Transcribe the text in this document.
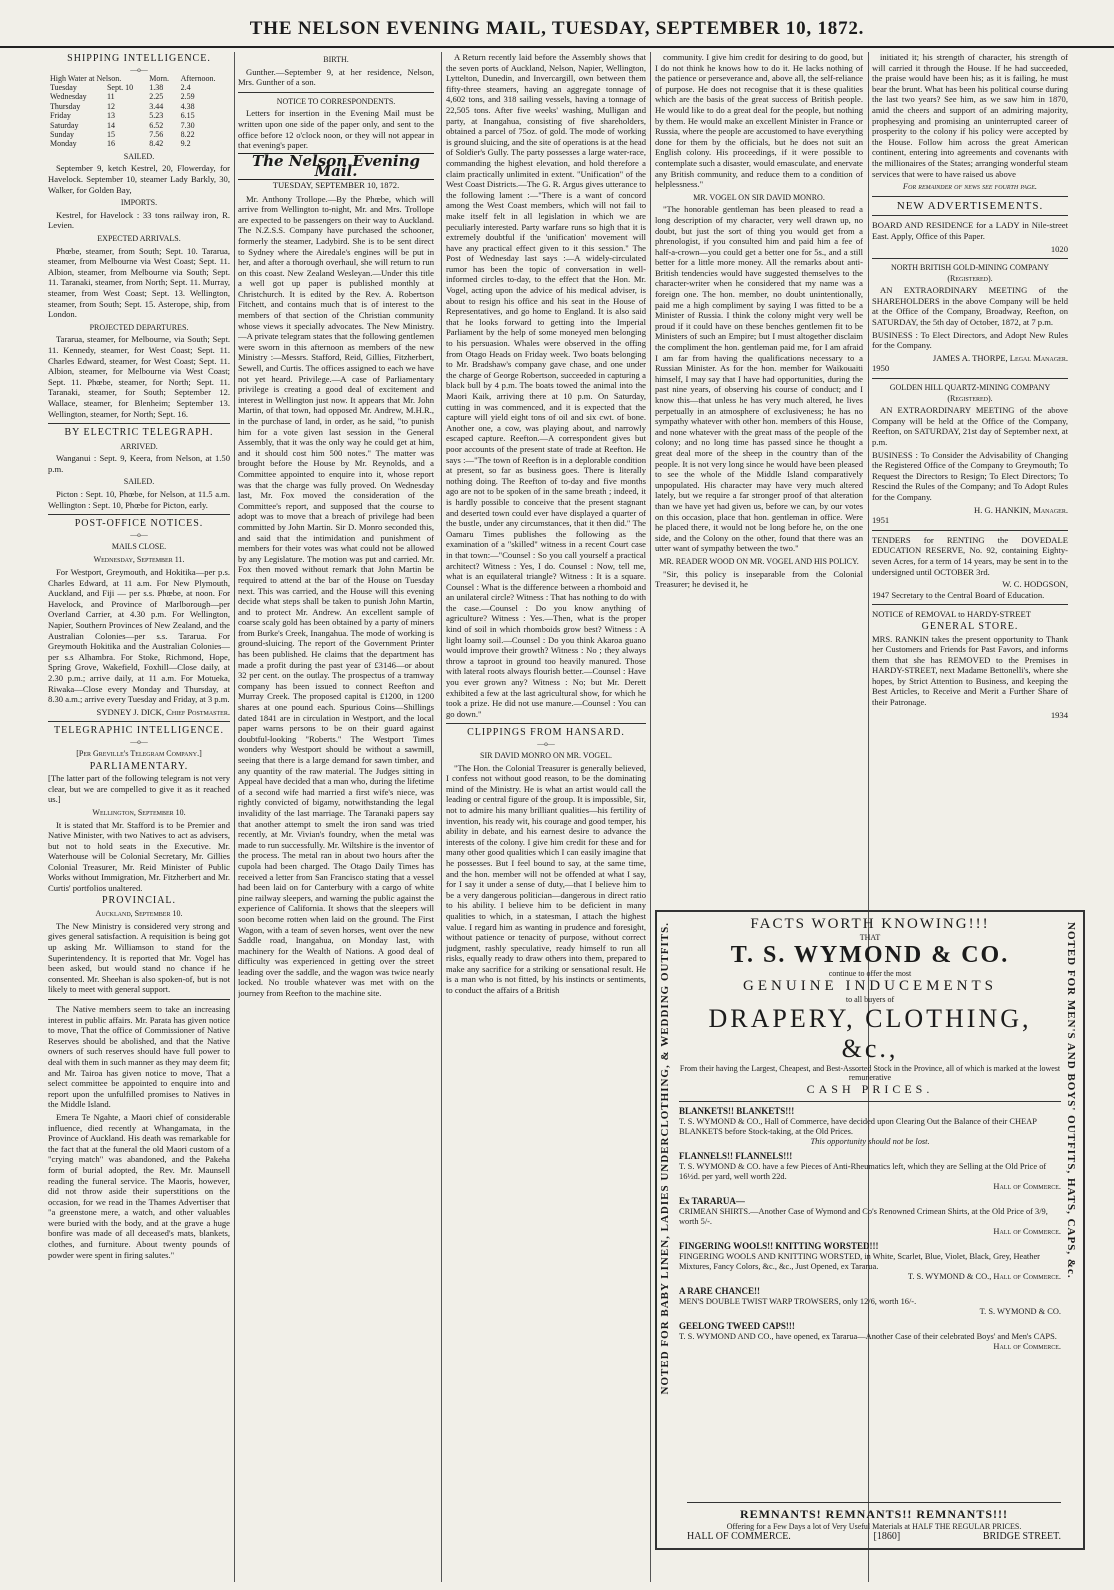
THE NELSON EVENING MAIL, TUESDAY, SEPTEMBER 10, 1872.
SHIPPING INTELLIGENCE.
—o—
High Water at Nelson.		Morn.	Afternoon.
Tuesday	Sept. 10	1.38	2.4
Wednesday	11	2.25	2.59
Thursday	12	3.44	4.38
Friday	13	5.23	6.15
Saturday	14	6.52	7.30
Sunday	15	7.56	8.22
Monday	16	8.42	9.2
SAILED.

September 9, ketch Kestrel, 20, Flowerday, for Havelock. September 10, steamer Lady Barkly, 30, Walker, for Golden Bay,

IMPORTS.

Kestrel, for Havelock : 33 tons railway iron, R. Levien.

EXPECTED ARRIVALS.

Phœbe, steamer, from South; Sept. 10. Tararua, steamer, from Melbourne via West Coast; Sept. 11. Albion, steamer, from Melbourne via South; Sept. 11. Taranaki, steamer, from North; Sept. 11. Murray, steamer, from West Coast; Sept. 13. Wellington, steamer, from South; Sept. 15. Asterope, ship, from London.

PROJECTED DEPARTURES.

Tararua, steamer, for Melbourne, via South; Sept. 11. Kennedy, steamer, for West Coast; Sept. 11. Charles Edward, steamer, for West Coast; Sept. 11. Albion, steamer, for Melbourne via West Coast; Sept. 11. Phœbe, steamer, for North; Sept. 11. Taranaki, steamer, for South; September 12. Wallace, steamer, for Blenheim; September 13. Wellington, steamer, for North; Sept. 16.

BY ELECTRIC TELEGRAPH.
ARRIVED.

Wanganui : Sept. 9, Keera, from Nelson, at 1.50 p.m.

SAILED.

Picton : Sept. 10, Phœbe, for Nelson, at 11.5 a.m. Wellington : Sept. 10, Phœbe for Picton, early.

POST-OFFICE NOTICES.
—o—
MAILS CLOSE.
Wednesday, September 11.

For Westport, Greymouth, and Hokitika—per p.s. Charles Edward, at 11 a.m. For New Plymouth, Auckland, and Fiji — per s.s. Phœbe, at noon. For Havelock, and Province of Marlborough—per Overland Carrier, at 4.30 p.m. For Wellington, Napier, Southern Provinces of New Zealand, and the Australian Colonies—per s.s. Tararua. For Greymouth Hokitika and the Australian Colonies—per s.s Alhambra. For Stoke, Richmond, Hope, Spring Grove, Wakefield, Foxhill—Close daily, at 2.30 p.m.; arrive daily, at 11 a.m. For Motueka, Riwaka—Close every Monday and Thursday, at 8.30 a.m.; arrive every Tuesday and Friday, at 3 p.m.

SYDNEY J. DICK, Chief Postmaster.
TELEGRAPHIC INTELLIGENCE.
—o—
[Per Greville's Telegram Company.]
PARLIAMENTARY.

[The latter part of the following telegram is not very clear, but we are compelled to give it as it reached us.]

Wellington, September 10.

It is stated that Mr. Stafford is to be Premier and Native Minister, with two Natives to act as advisers, but not to hold seats in the Executive. Mr. Waterhouse will be Colonial Secretary, Mr. Gillies Colonial Treasurer, Mr. Reid Minister of Public Works without Immigration, Mr. Fitzherbert and Mr. Curtis' portfolios unaltered.

PROVINCIAL.
Auckland, September 10.

The New Ministry is considered very strong and gives general satisfaction. A requisition is being got up asking Mr. Williamson to stand for the Superintendency. It is reported that Mr. Vogel has been asked, but would stand no chance if he consented. Mr. Sheehan is also spoken-of, but is not likely to meet with general support.

The Native members seem to take an increasing interest in public affairs. Mr. Parata has given notice to move, That the office of Commissioner of Native Reserves should be abolished, and that the Native owners of such reserves should have full power to deal with them in such manner as they may deem fit; and Mr. Tairoa has given notice to move, That a select committee be appointed to enquire into and report upon the unfulfilled promises to Natives in the Middle Island.

Emera Te Ngahte, a Maori chief of considerable influence, died recently at Whangamata, in the Province of Auckland. His death was remarkable for the fact that at the funeral the old Maori custom of a "crying match" was abandoned, and the Pakeha form of burial adopted, the Rev. Mr. Maunsell reading the funeral service. The Maoris, however, did not throw aside their superstitions on the occasion, for we read in the Thames Advertiser that "a greenstone mere, a watch, and other valuables were buried with the body, and at the grave a huge bonfire was made of all deceased's mats, blankets, clothes, and furniture. About twenty pounds of powder were spent in firing salutes."

BIRTH.

Gunther.—September 9, at her residence, Nelson, Mrs. Gunther of a son.

NOTICE TO CORRESPONDENTS.

Letters for insertion in the Evening Mail must be written upon one side of the paper only, and sent to the office before 12 o'clock noon, or they will not appear in that evening's paper.

The Nelson Evening Mail.
TUESDAY, SEPTEMBER 10, 1872.

Mr. Anthony Trollope.—By the Phœbe, which will arrive from Wellington to-night, Mr. and Mrs. Trollope are expected to be passengers on their way to Auckland. The N.Z.S.S. Company have purchased the schooner, formerly the steamer, Ladybird. She is to be sent direct to Sydney where the Airedale's engines will be put in her, and after a thorough overhaul, she will return to run on this coast. New Zealand Wesleyan.—Under this title a well got up paper is published monthly at Christchurch. It is edited by the Rev. A. Robertson Fitchett, and contains much that is of interest to the members of that section of the Christian community whose views it specially advocates. The New Ministry.—A private telegram states that the following gentlemen were sworn in this afternoon as members of the new Ministry :—Messrs. Stafford, Reid, Gillies, Fitzherbert, Sewell, and Curtis. The offices assigned to each we have not yet heard. Privilege.—A case of Parliamentary privilege is creating a good deal of excitement and interest in Wellington just now. It appears that Mr. John Martin, of that town, had opposed Mr. Andrew, M.H.R., in the purchase of land, in order, as he said, "to punish him for a vote given last session in the General Assembly, that it was the only way he could get at him, and it should cost him 500 notes." The matter was brought before the House by Mr. Reynolds, and a Committee appointed to enquire into it, whose report was that the charge was fully proved. On Wednesday last, Mr. Fox moved the consideration of the Committee's report, and supposed that the course to adopt was to move that a breach of privilege had been committed by John Martin. Sir D. Monro seconded this, and said that the intimidation and punishment of members for their votes was what could not be allowed by any Legislature. The motion was put and carried. Mr. Fox then moved without remark that John Martin be required to attend at the bar of the House on Tuesday next. This was carried, and the House will this evening decide what steps shall be taken to punish John Martin, and to protect Mr. Andrew. An excellent sample of coarse scaly gold has been obtained by a party of miners from Burke's Creek, Inangahua. The mode of working is ground-sluicing. The report of the Government Printer has been published. He claims that the department has made a profit during the past year of £3146—or about 32 per cent. on the outlay. The prospectus of a tramway company has been issued to connect Reefton and Murray Creek. The proposed capital is £1200, in 1200 shares at one pound each. Spurious Coins—Shillings dated 1841 are in circulation in Westport, and the local paper warns persons to be on their guard against doubtful-looking "Roberts." The Westport Times wonders why Westport should be without a sawmill, seeing that there is a large demand for sawn timber, and any quantity of the raw material. The Judges sitting in Appeal have decided that a man who, during the lifetime of a second wife had married a first wife's niece, was rightly convicted of bigamy, notwithstanding the legal invalidity of the last marriage. The Taranaki papers say that another attempt to smelt the iron sand was tried recently, at Mr. Vivian's foundry, when the metal was made to run successfully. Mr. Wiltshire is the inventor of the process. The metal ran in about two hours after the cupola had been charged. The Otago Daily Times has received a letter from San Francisco stating that a vessel had been laid on for Canterbury with a cargo of white pine railway sleepers, and warning the public against the experience of California. It shows that the sleepers will soon become rotten when laid on the ground. The First Wagon, with a team of seven horses, went over the new Saddle road, Inangahua, on Monday last, with machinery for the Wealth of Nations. A good deal of difficulty was experienced in getting over the street leading over the saddle, and the wagon was twice nearly locked. No trouble whatever was met with on the journey from Reefton to the machine site.

A Return recently laid before the Assembly shows that the seven ports of Auckland, Nelson, Napier, Wellington, Lyttelton, Dunedin, and Invercargill, own between them fifty-three steamers, having an aggregate tonnage of 4,602 tons, and 318 sailing vessels, having a tonnage of 22,505 tons. After five weeks' washing, Mulligan and party, at Inangahua, consisting of five shareholders, obtained a parcel of 75oz. of gold. The mode of working is ground sluicing, and the site of operations is at the head of Soldier's Gully. The party possesses a large water-race, commanding the highest elevation, and hold therefore a claim practically unlimited in extent. "Unification" of the West Coast Districts.—The G. R. Argus gives utterance to the following lament :—"There is a want of concord among the West Coast members, which will not fail to make itself felt in all legislation in which we are peculiarly interested. Party warfare runs so high that it is extremely doubtful if the 'unification' movement will have any practical effect given to it this session." The Post of Wednesday last says :—A widely-circulated rumor has been the topic of conversation in well-informed circles to-day, to the effect that the Hon. Mr. Vogel, acting upon the advice of his medical adviser, is about to resign his office and his seat in the House of Representatives, and go home to England. It is also said that he looks forward to getting into the Imperial Parliament by the help of some moneyed men belonging to his persuasion. Whales were observed in the offing from Otago Heads on Friday week. Two boats belonging to Mr. Bradshaw's company gave chase, and one under the charge of George Robertson, succeeded in capturing a black bull by 4 p.m. The boats towed the animal into the Maori Kaik, arriving there at 10 p.m. On Saturday, cutting in was commenced, and it is expected that the capture will yield eight tons of oil and six cwt. of bone. Another one, a cow, was playing about, and narrowly escaped capture. Reefton.—A correspondent gives but poor accounts of the present state of trade at Reefton. He says :—"The town of Reefton is in a deplorable condition at present, so far as business goes. There is literally nothing doing. The Reefton of to-day and five months ago are not to be spoken of in the same breath ; indeed, it is hardly possible to conceive that the present stagnant and deserted town could ever have displayed a quarter of the bustle, under any circumstances, that it then did." The Oamaru Times publishes the following as the examination of a "skilled" witness in a recent Court case in that town:—"Counsel : So you call yourself a practical architect? Witness : Yes, I do. Counsel : Now, tell me, what is an equilateral triangle? Witness : It is a square. Counsel : What is the difference between a rhomboid and an unilateral circle? Witness : That has nothing to do with the case.—Counsel : Do you know anything of agriculture? Witness : Yes.—Then, what is the proper kind of soil in which rhomboids grow best? Witness : A light loamy soil.—Counsel : Do you think Akaroa guano would improve their growth? Witness : No ; they always throw a taproot in ground too heavily manured. Those with lateral roots always flourish better.—Counsel : Have you ever grown any? Witness : No; but Mr. Derett exhibited a few at the last agricultural show, for which he took a prize. He did not use manure.—Counsel : You can go down."

CLIPPINGS FROM HANSARD.
—o—
SIR DAVID MONRO ON MR. VOGEL.

"The Hon. the Colonial Treasurer is generally believed, I confess not without good reason, to be the dominating mind of the Ministry. He is what an artist would call the leading or central figure of the group. It is impossible, Sir, not to admire his many brilliant qualities—his fertility of invention, his ready wit, his courage and good temper, his ability in debate, and his earnest desire to advance the interests of the colony. I give him credit for these and for many other good qualities which I can easily imagine that he possesses. But I feel bound to say, at the same time, and the hon. member will not be offended at what I say, for I say it under a sense of duty,—that I believe him to be a very dangerous politician—dangerous in direct ratio to his ability. I believe him to be deficient in many qualities to which, in a statesman, I attach the highest value. I regard him as wanting in prudence and foresight, without patience or tenacity of purpose, without correct judgment, rashly speculative, ready himself to run all risks, equally ready to draw others into them, prepared to make any sacrifice for a striking or sensational result. He is a man who is not fitted, by his instincts or sentiments, to conduct the affairs of a British

community. I give him credit for desiring to do good, but I do not think he knows how to do it. He lacks nothing of the patience or perseverance and, above all, the self-reliance of purpose. He does not recognise that it is these qualities which are the basis of the great success of British people. He would like to do a great deal for the people, but nothing by them. He would make an excellent Minister in France or Russia, where the people are accustomed to have everything done for them by the officials, but he does not suit an English colony. His proceedings, if it were possible to contemplate such a disaster, would emasculate, and enervate any British community, and reduce them to a condition of helplessness."

MR. VOGEL ON SIR DAVID MONRO.

"The honorable gentleman has been pleased to read a long description of my character, very well drawn up, no doubt, but just the sort of thing you would get from a phrenologist, if you consulted him and paid him a fee of half-a-crown—you could get a better one for 5s., and a still better for a little more money. All the remarks about anti-British tendencies would have suggested themselves to the character-writer when he considered that my name was a foreign one. The hon. member, no doubt unintentionally, paid me a high compliment by saying I was fitted to be a Minister of Russia. I think the colony might very well be proud if it could have on these benches gentlemen fit to be Ministers of such an Empire; but I must altogether disclaim the compliment the hon. gentleman paid me, for I am afraid I am far from having the qualifications necessary to a Russian Minister. As for the hon. member for Waikouaiti himself, I may say that I have had opportunities, during the past nine years, of observing his course of conduct; and I know this—that unless he has very much altered, he lives perpetually in an atmosphere of exclusiveness; he has no sympathy whatever with other hon. members of this House, and none whatever with the great mass of the people of the colony; and no long time has passed since he thought a great deal more of the sheep in the country than of the people. It is not very long since he would have been pleased to see the whole of the Middle Island comparatively unpopulated. His character may have very much altered lately, but we require a far stronger proof of that alteration than we have yet had given us, before we can, by our votes on this occasion, place that hon. gentleman in office. Were he placed there, it would not be long before he, on the one side, and the Colony on the other, found that there was an utter want of sympathy between the two."

MR. READER WOOD ON MR. VOGEL AND HIS POLICY.

"Sir, this policy is inseparable from the Colonial Treasurer; he devised it, he

initiated it; his strength of character, his strength of will carried it through the House. If he had succeeded, the praise would have been his; as it is failing, he must bear the brunt. What has been his political course during the last two years? See him, as we saw him in 1870, amid the cheers and support of an admiring majority, prophesying and promising an uninterrupted career of prosperity to the colony if his policy were accepted by the House. Follow him across the great American continent, entering into agreements and covenants with the millionaires of the States; arranging wonderful steam services that were to have raised us above

For remainder of news see fourth page.
NEW ADVERTISEMENTS.

BOARD AND RESIDENCE for a LADY in Nile-street East. Apply, Office of this Paper.

1020
NORTH BRITISH GOLD-MINING COMPANY (Registered).

AN EXTRAORDINARY MEETING of the SHAREHOLDERS in the above Company will be held at the Office of the Company, Broadway, Reefton, on SATURDAY, the 5th day of October, 1872, at 7 p.m.

BUSINESS : To Elect Directors, and Adopt New Rules for the Company.

JAMES A. THORPE, Legal Manager.
1950
GOLDEN HILL QUARTZ-MINING COMPANY (Registered).

AN EXTRAORDINARY MEETING of the above Company will be held at the Office of the Company, Reefton, on SATURDAY, 21st day of September next, at p.m.

BUSINESS : To Consider the Advisability of Changing the Registered Office of the Company to Greymouth; To Request the Directors to Resign; To Elect Directors; To Rescind the Rules of the Company; and To Adopt Rules for the Company.

H. G. HANKIN, Manager.
1951

TENDERS for RENTING the DOVEDALE EDUCATION RESERVE, No. 92, containing Eighty-seven Acres, for a term of 14 years, may be sent in to the undersigned until OCTOBER 3rd.

W. C. HODGSON,
1947 Secretary to the Central Board of Education.
NOTICE of REMOVAL to HARDY-STREET
GENERAL STORE.

MRS. RANKIN takes the present opportunity to Thank her Customers and Friends for Past Favors, and informs them that she has REMOVED to the Premises in HARDY-STREET, next Madame Bettonelli's, where she hopes, by Strict Attention to Business, and keeping the Best Articles, to Receive and Merit a Further Share of their Patronage.

1934
NOTED FOR BABY LINEN, LADIES UNDERCLOTHING, & WEDDING OUTFITS.	NOTED FOR MEN'S AND BOYS' OUTFITS, HATS, CAPS, &c.
FACTS WORTH KNOWING!!!
THAT
T. S. WYMOND & CO.
continue to offer the most
GENUINE INDUCEMENTS
to all buyers of
DRAPERY, CLOTHING, &c.,
From their having the Largest, Cheapest, and Best-Assorted Stock in the Province, all of which is marked at the lowest remunerative
CASH PRICES.
BLANKETS!! BLANKETS!!!
T. S. WYMOND & CO., Hall of Commerce, have decided upon Clearing Out the Balance of their CHEAP BLANKETS before Stock-taking, at the Old Prices.
This opportunity should not be lost.
FLANNELS!! FLANNELS!!!
T. S. WYMOND & CO. have a few Pieces of Anti-Rheumatics left, which they are Selling at the Old Price of 16½d. per yard, well worth 22d.
Hall of Commerce.
Ex TARARUA—
CRIMEAN SHIRTS.—Another Case of Wymond and Co's Renowned Crimean Shirts, at the Old Price of 3/9, worth 5/-.
Hall of Commerce.
FINGERING WOOLS!! KNITTING WORSTED!!!
FINGERING WOOLS AND KNITTING WORSTED, in White, Scarlet, Blue, Violet, Black, Grey, Heather Mixtures, Fancy Colors, &c., &c., Just Opened, ex Tararua.
T. S. WYMOND & CO., Hall of Commerce.
A RARE CHANCE!!
MEN'S DOUBLE TWIST WARP TROWSERS, only 12/6, worth 16/-.
T. S. WYMOND & CO.
GEELONG TWEED CAPS!!!
T. S. WYMOND AND CO., have opened, ex Tararua—Another Case of their celebrated Boys' and Men's CAPS.
Hall of Commerce.
REMNANTS! REMNANTS!! REMNANTS!!!
Offering for a Few Days a lot of Very Useful Materials at HALF THE REGULAR PRICES.
HALL OF COMMERCE.	[1860]	BRIDGE STREET.
